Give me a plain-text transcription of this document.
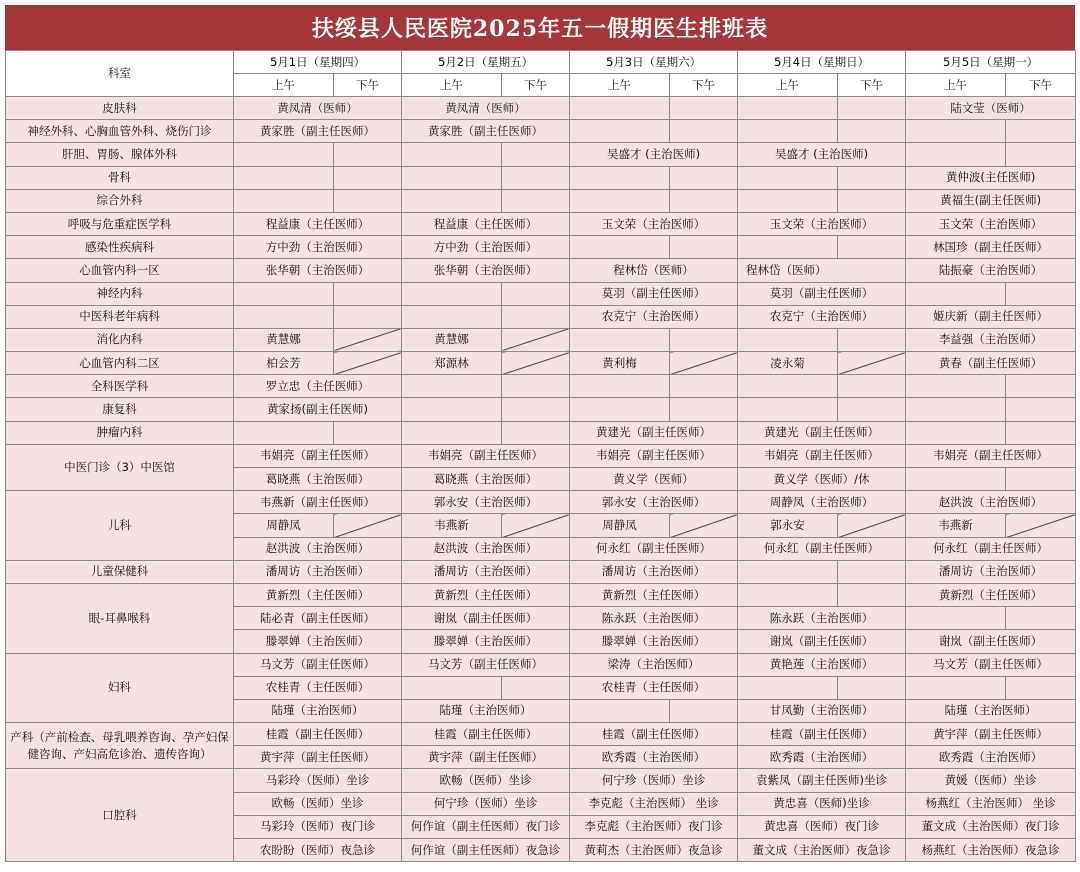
扶绥县人民医院2025年五一假期医生排班表
科室	5月1日（星期四）		5月2日（星期五）		5月3日（星期六）		5月4日（星期日）		5月5日（星期一）	
	上午	下午	上午	下午	上午	下午	上午	下午	上午	下午
皮肤科	黄凤清（医师）		黄凤清（医师）						陆文莹（医师）	
神经外科、心胸血管外科、烧伤门诊	黄家胜（副主任医师）		黄家胜（副主任医师）							
肝胆、胃肠、腺体外科					吴盛才 (主治医师)		吴盛才 (主治医师)			
骨科									黄仲波(主任医师)	
综合外科									黄福生(副主任医师)	
呼吸与危重症医学科	程益康（主任医师）		程益康（主任医师）		玉文荣（主治医师）		玉文荣（主治医师）		玉文荣（主治医师）	
感染性疾病科	方中劲（主治医师）		方中劲（主治医师）						林国珍（副主任医师）	
心血管内科一区	张华朝（主治医师）		张华朝（主治医师）		程林岱（医师）		程林岱（医师）		陆振豪（主治医师）	
神经内科					莫羽（副主任医师）		莫羽（副主任医师）			
中医科老年病科					农克宁（主治医师）		农克宁（主治医师）		姬庆新（副主任医师）	
消化内科	黄慧娜		黄慧娜						李益强（主治医师）	
心血管内科二区	柏会芳		郑源林		黄利梅		凌永菊		黄春（副主任医师）	
全科医学科	罗立忠（主任医师）									
康复科	黄家扬(副主任医师)									
肿瘤内科					黄建光（副主任医师）		黄建光（副主任医师）			
中医门诊（3）中医馆	韦娟亮（副主任医师）		韦娟亮（副主任医师）		韦娟亮（副主任医师）		韦娟亮（副主任医师）		韦娟亮（副主任医师）	
	葛晓燕（主治医师）		葛晓燕（主治医师）		黄义学（医师）		黄义学（医师）/休			
儿科	韦燕新（副主任医师）		郭永安（主治医师）		郭永安（主治医师）		周静凤（主治医师）		赵洪波（主治医师）	
	周静凤		韦燕新		周静凤		郭永安		韦燕新	
	赵洪波（主治医师）		赵洪波（主治医师）		何永红（副主任医师）		何永红（副主任医师）		何永红（副主任医师）	
儿童保健科	潘周访（主治医师）		潘周访（主治医师）		潘周访（主治医师）				潘周访（主治医师）	
眼-耳鼻喉科	黄新烈（主任医师）		黄新烈（主任医师）		黄新烈（主任医师）				黄新烈（主任医师）	
	陆必青（副主任医师）		谢岚（副主任医师）		陈永跃（主治医师）		陈永跃（主治医师）			
	滕翠婵（主治医师）		滕翠婵（主治医师）		滕翠婵（主治医师）		谢岚（副主任医师）		谢岚（副主任医师）	
妇科	马文芳（副主任医师）		马文芳（副主任医师）		梁涛（主治医师）		黄艳莲（主治医师）		马文芳（副主任医师）	
	农桂青（主任医师）				农桂青（主任医师）					
	陆瑾（主治医师）		陆瑾（主治医师）				甘凤勤（主治医师）		陆瑾（主治医师）	
产科（产前检查、母乳喂养咨询、孕产妇保健咨询、产妇高危诊治、遗传咨询）	桂霞（副主任医师）		桂霞（副主任医师）		桂霞（副主任医师）		桂霞（副主任医师）		黄宇萍（副主任医师）	
	黄宇萍（副主任医师）		黄宇萍（副主任医师）		欧秀霞（主治医师）		欧秀霞（主治医师）		欧秀霞（主治医师）	
口腔科	马彩玲（医师）坐诊		欧畅（医师）坐诊		何宁珍（医师）坐诊		袁紫凤（副主任医师)坐诊		黄媛（医师）坐诊	
	欧畅（医师）坐诊		何宁珍（医师）坐诊		李克彪（主治医师） 坐诊		黄忠喜（医师)坐诊		杨燕红（主治医师） 坐诊	
	马彩玲（医师）夜门诊		何作谊（副主任医师）夜门诊		李克彪（主治医师）夜门诊		黄忠喜（医师）夜门诊		董文成（主治医师）夜门诊	
	农盼盼（医师）夜急诊		何作谊（副主任医师）夜急诊		黄莉杰（主治医师）夜急诊		董文成（主治医师）夜急诊		杨燕红（主治医师）夜急诊	
